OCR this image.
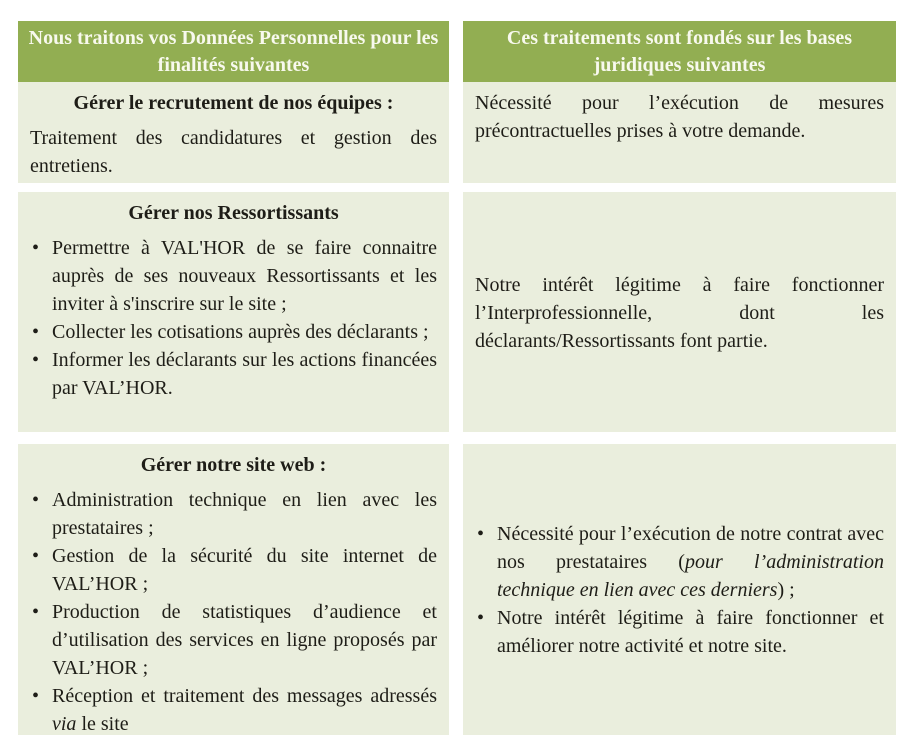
Nous traitons vos Données Personnelles pour les finalités suivantes
Ces traitements sont fondés sur les bases juridiques suivantes
Gérer le recrutement de nos équipes :
Traitement des candidatures et gestion des entretiens.
Nécessité pour l’exécution de mesures précontractuelles prises à votre demande.
Gérer nos Ressortissants
• Permettre à VAL'HOR de se faire connaitre auprès de ses nouveaux Ressortissants et les inviter à s'inscrire sur le site ;
• Collecter les cotisations auprès des déclarants ;
• Informer les déclarants sur les actions financées par VAL’HOR.
Notre intérêt légitime à faire fonctionner l’Interprofessionnelle, dont les déclarants/Ressortissants font partie.
Gérer notre site web :
• Administration technique en lien avec les prestataires ;
• Gestion de la sécurité du site internet de VAL’HOR ;
• Production de statistiques d’audience et d’utilisation des services en ligne proposés par VAL’HOR ;
• Réception et traitement des messages adressés via le site
• Nécessité pour l’exécution de notre contrat avec nos prestataires (pour l’administration technique en lien avec ces derniers) ;
• Notre intérêt légitime à faire fonctionner et améliorer notre activité et notre site.
